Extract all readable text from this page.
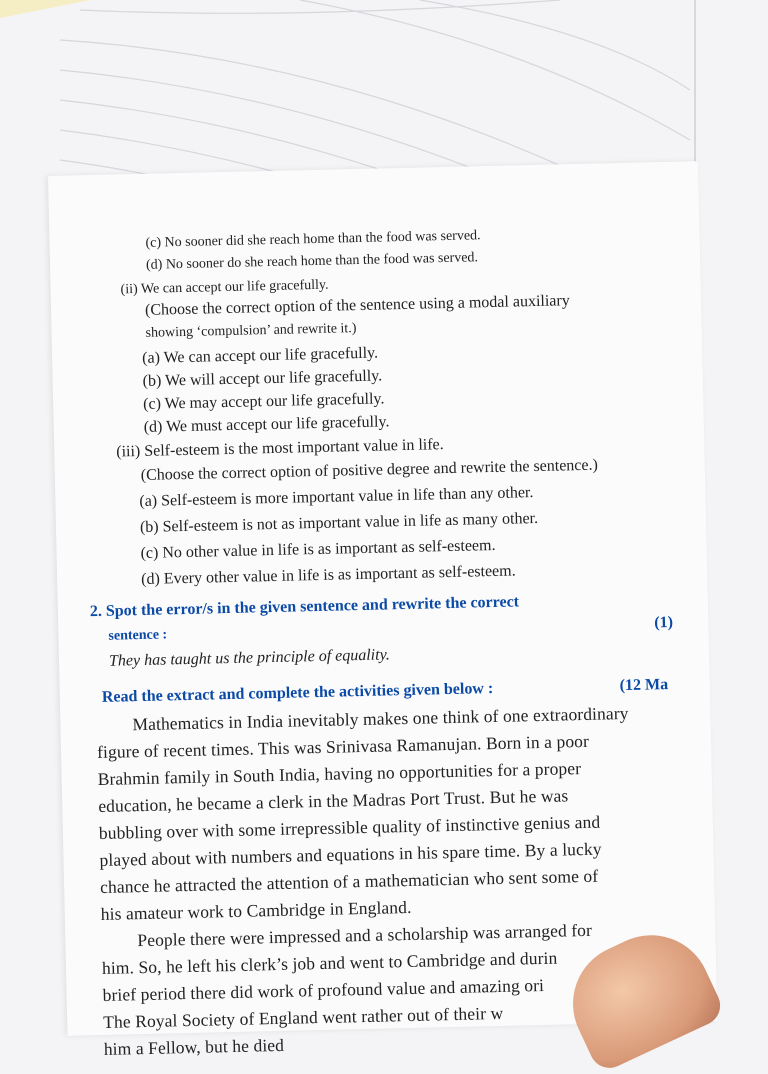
(c) No sooner did she reach home than the food was served.
(d) No sooner do she reach home than the food was served.
(ii) We can accept our life gracefully.
(Choose the correct option of the sentence using a modal auxiliary
showing ‘compulsion’ and rewrite it.)
(a) We can accept our life gracefully.
(b) We will accept our life gracefully.
(c) We may accept our life gracefully.
(d) We must accept our life gracefully.
(iii) Self-esteem is the most important value in life.
(Choose the correct option of positive degree and rewrite the sentence.)
(a) Self-esteem is more important value in life than any other.
(b) Self-esteem is not as important value in life as many other.
(c) No other value in life is as important as self-esteem.
(d) Every other value in life is as important as self-esteem.
2. Spot the error/s in the given sentence and rewrite the correct
sentence :
(1)
They has taught us the principle of equality.
Read the extract and complete the activities given below :	(12 Ma
Mathematics in India inevitably makes one think of one extraordinary
figure of recent times. This was Srinivasa Ramanujan. Born in a poor
Brahmin family in South India, having no opportunities for a proper
education, he became a clerk in the Madras Port Trust. But he was
bubbling over with some irrepressible quality of instinctive genius and
played about with numbers and equations in his spare time. By a lucky
chance he attracted the attention of a mathematician who sent some of
his amateur work to Cambridge in England.
People there were impressed and a scholarship was arranged for
him. So, he left his clerk’s job and went to Cambridge and durin
brief period there did work of profound value and amazing ori
The Royal Society of England went rather out of their w
him a Fellow, but he died
